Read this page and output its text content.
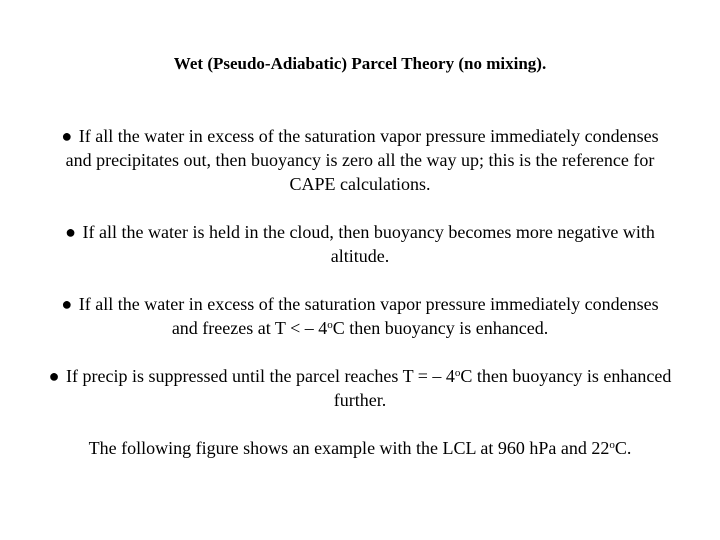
Wet (Pseudo-Adiabatic) Parcel Theory (no mixing).
● If all the water in excess of the saturation vapor pressure immediately condenses and precipitates out, then buoyancy is zero all the way up; this is the reference for CAPE calculations.
● If all the water is held in the cloud, then buoyancy becomes more negative with altitude.
● If all the water in excess of the saturation vapor pressure immediately condenses and freezes at T < – 4$^o$C then buoyancy is enhanced.
● If precip is suppressed until the parcel reaches T = – 4$^o$C then buoyancy is enhanced further.
The following figure shows an example with the LCL at 960 hPa and 22$^o$C.
